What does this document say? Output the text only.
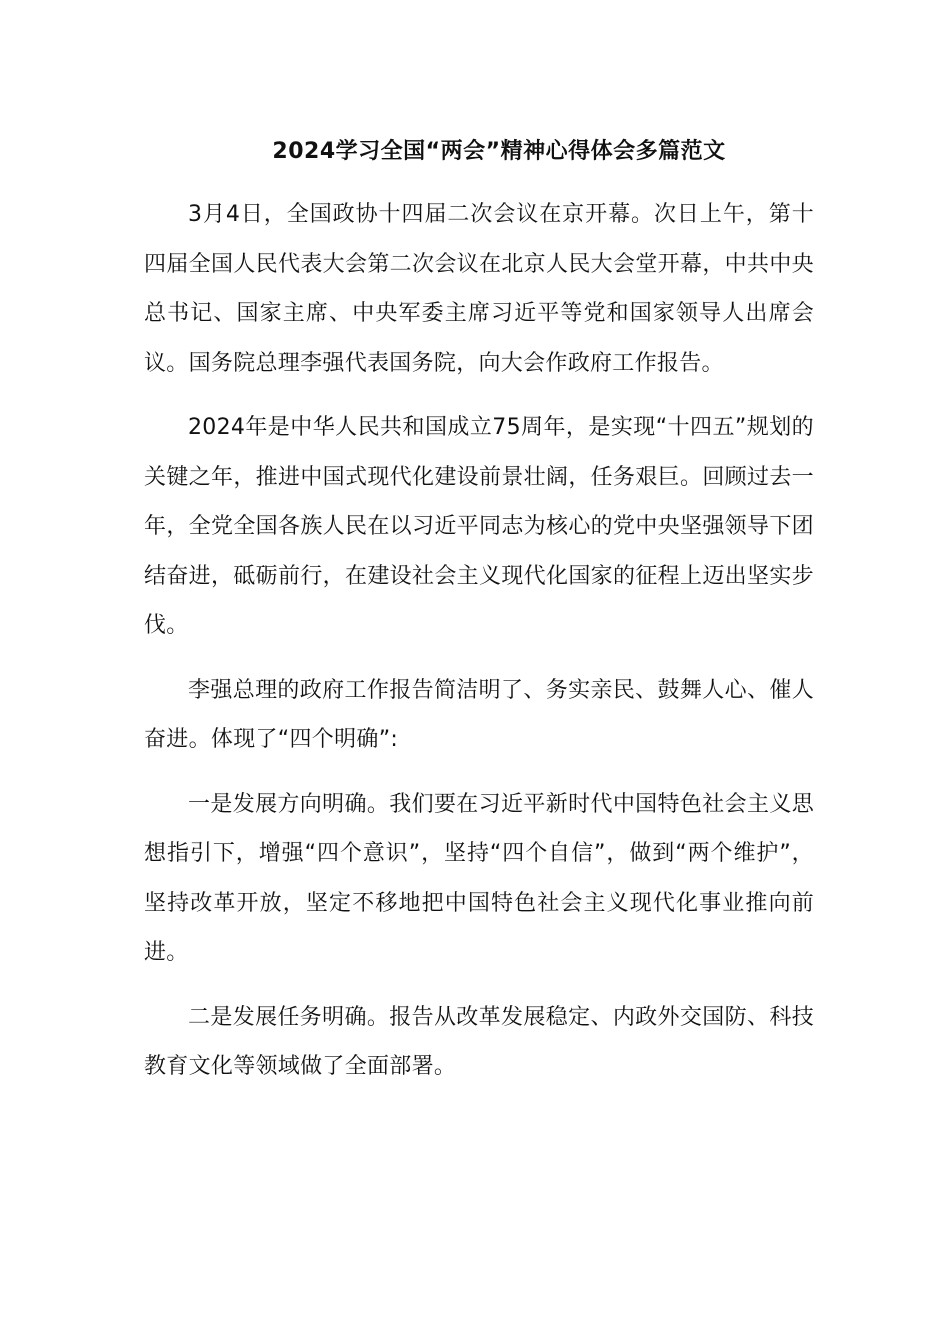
2024学习全国“两会”精神心得体会多篇范文

3月4日，全国政协十四届二次会议在京开幕。次日上午，第十四届全国人民代表大会第二次会议在北京人民大会堂开幕，中共中央总书记、国家主席、中央军委主席习近平等党和国家领导人出席会议。国务院总理李强代表国务院，向大会作政府工作报告。

2024年是中华人民共和国成立75周年，是实现“十四五”规划的关键之年，推进中国式现代化建设前景壮阔，任务艰巨。回顾过去一年，全党全国各族人民在以习近平同志为核心的党中央坚强领导下团结奋进，砥砺前行，在建设社会主义现代化国家的征程上迈出坚实步伐。

李强总理的政府工作报告简洁明了、务实亲民、鼓舞人心、催人奋进。体现了“四个明确”:

一是发展方向明确。我们要在习近平新时代中国特色社会主义思想指引下，增强“四个意识”，坚持“四个自信”，做到“两个维护”，坚持改革开放，坚定不移地把中国特色社会主义现代化事业推向前进。

二是发展任务明确。报告从改革发展稳定、内政外交国防、科技教育文化等领域做了全面部署。
